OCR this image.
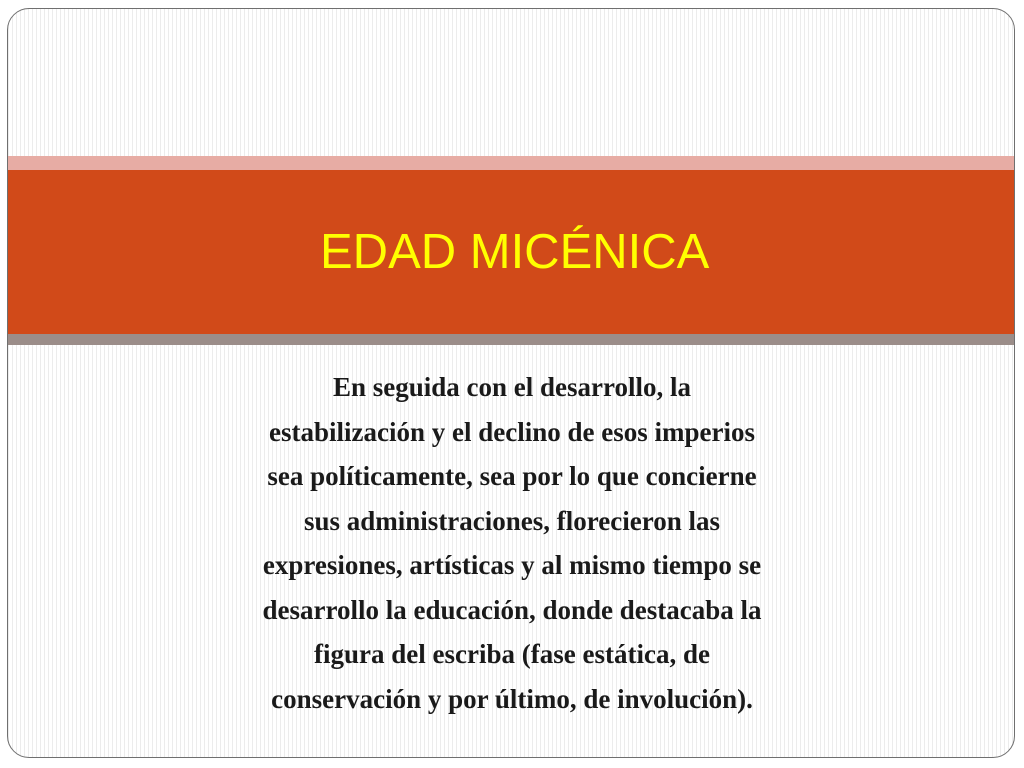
EDAD MICÉNICA

En seguida con el desarrollo, la
estabilización y el declino de esos imperios
sea políticamente, sea por lo que concierne
sus administraciones, florecieron las
expresiones, artísticas y al mismo tiempo se
desarrollo la educación, donde destacaba la
figura del escriba (fase estática, de
conservación y por último, de involución).
